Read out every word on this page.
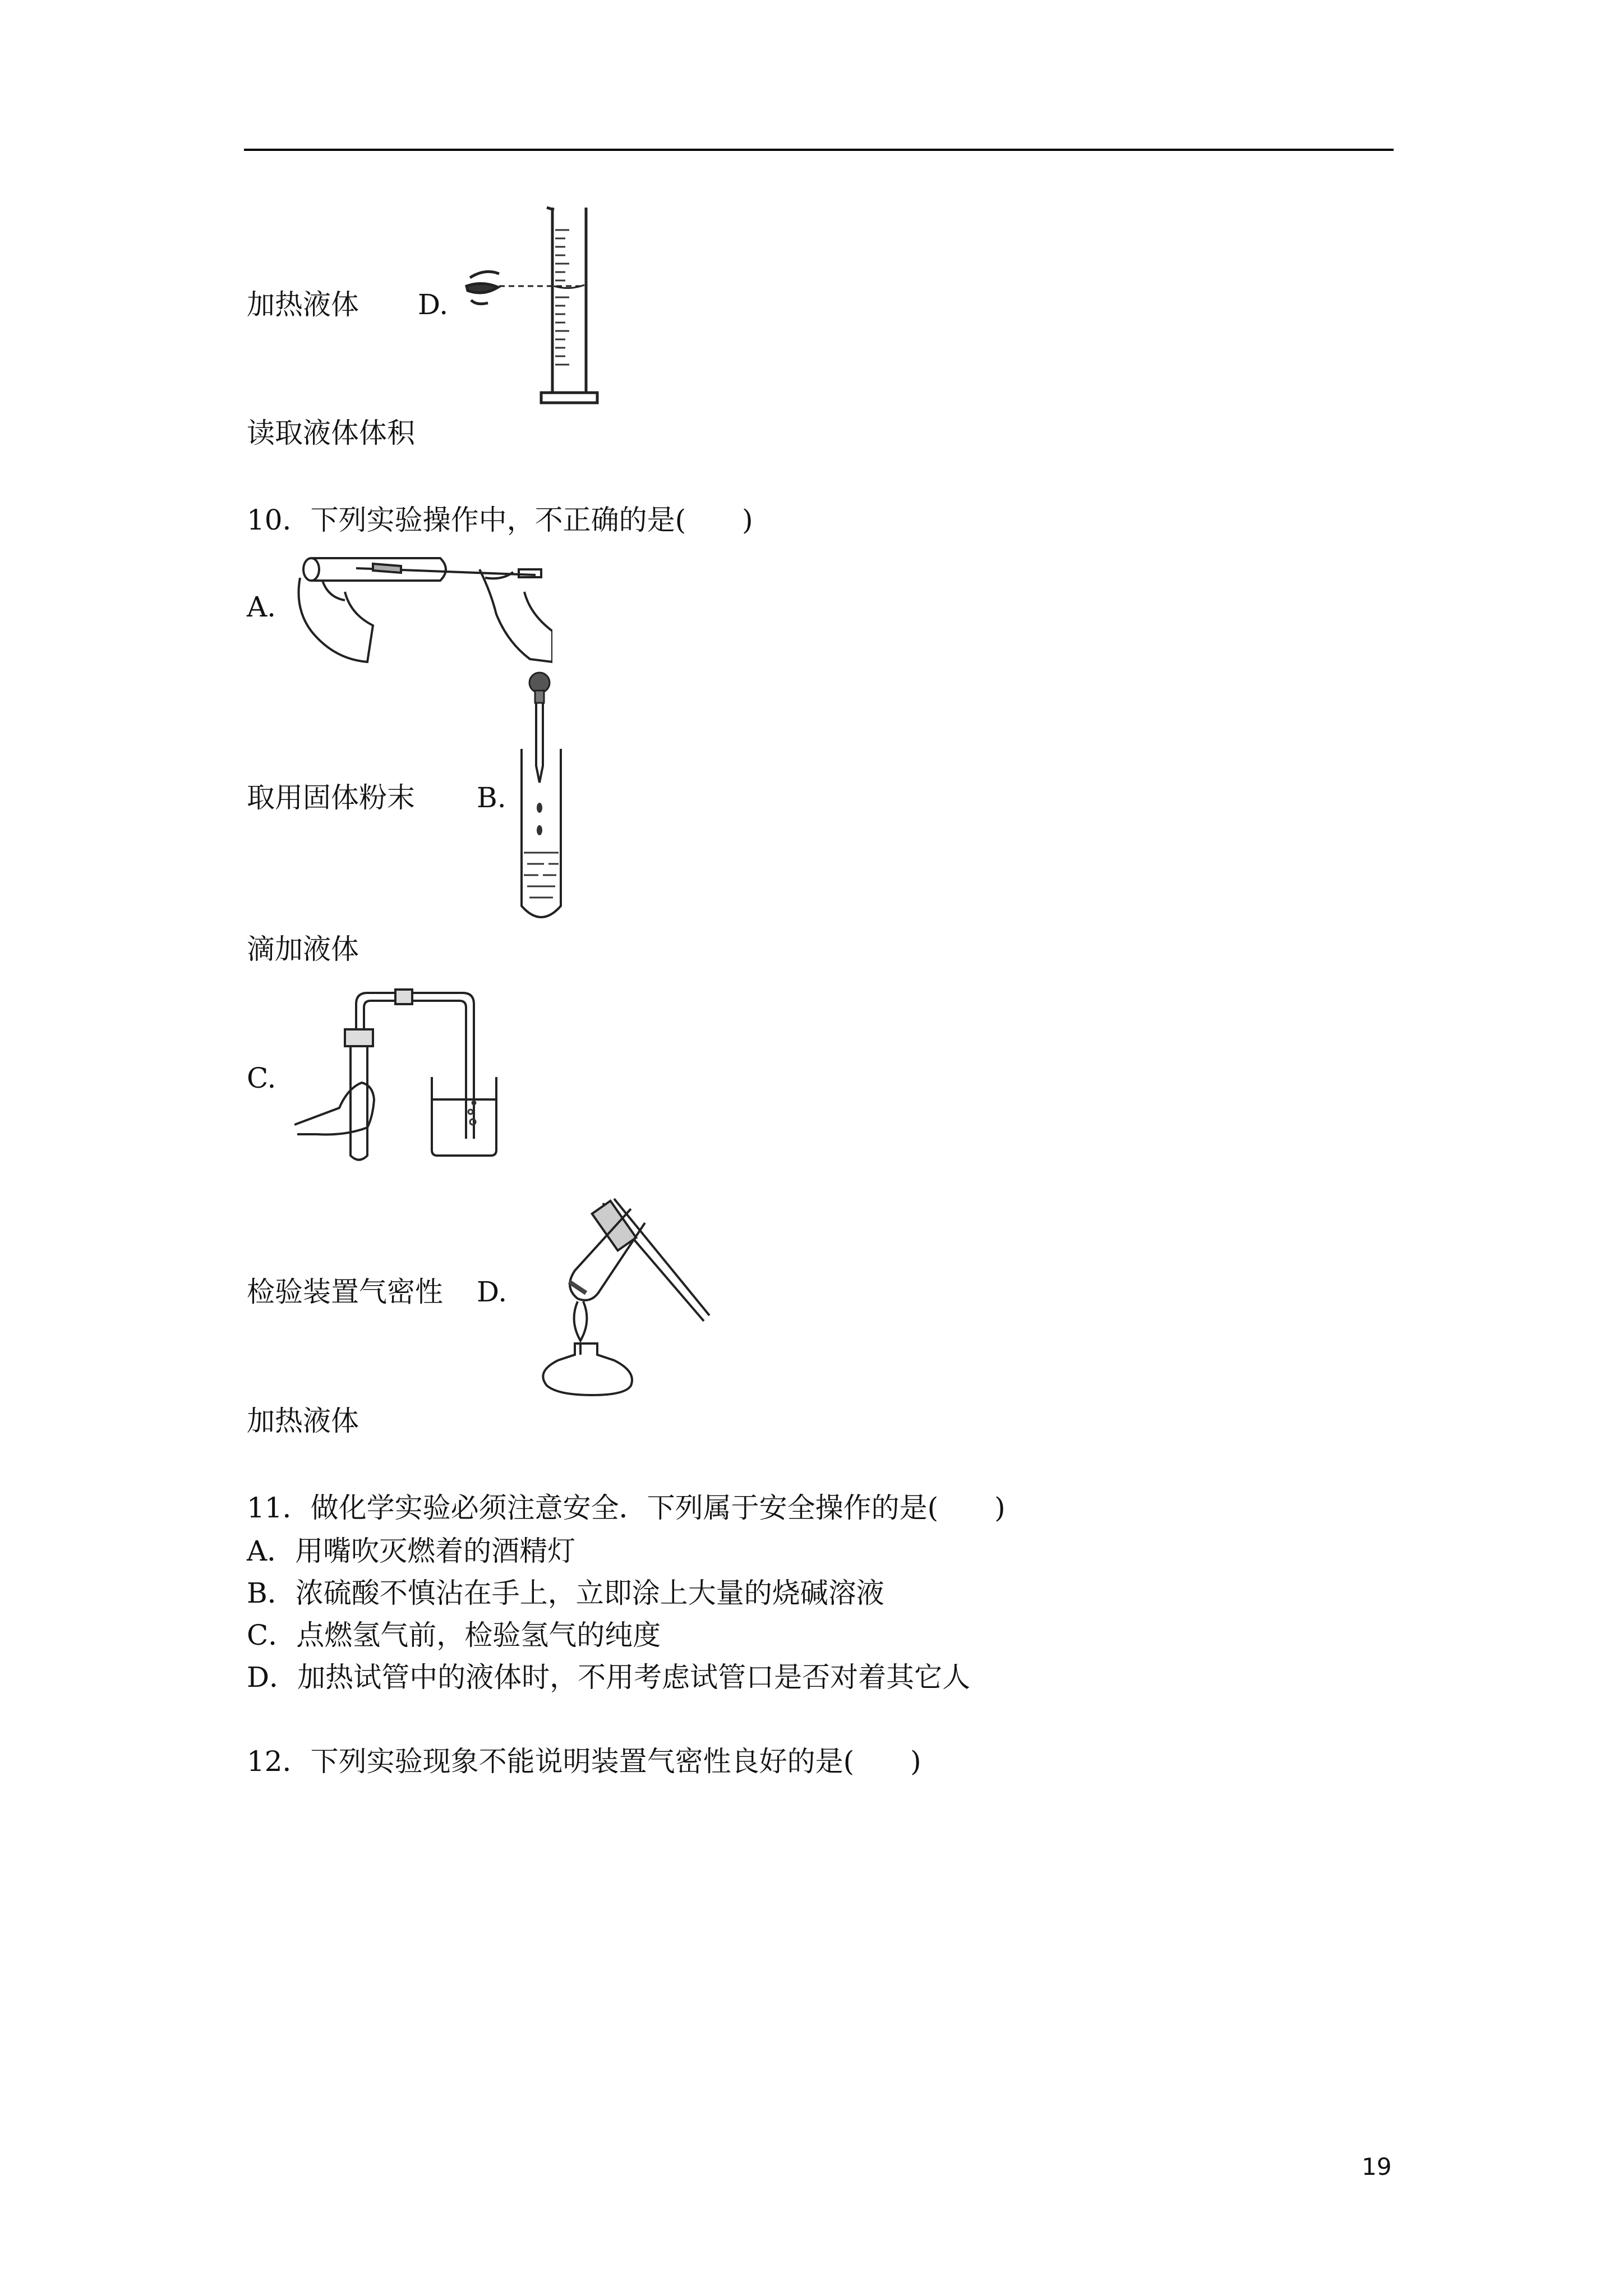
加热液体 D.
读取液体体积
10．下列实验操作中，不正确的是(　　)
A.
取用固体粉末 B.
滴加液体
C.
检验装置气密性 D.
加热液体
11．做化学实验必须注意安全．下列属于安全操作的是(　　)
A．用嘴吹灭燃着的酒精灯
B．浓硫酸不慎沾在手上，立即涂上大量的烧碱溶液
C．点燃氢气前，检验氢气的纯度
D．加热试管中的液体时，不用考虑试管口是否对着其它人
12．下列实验现象不能说明装置气密性良好的是(　　)
19
